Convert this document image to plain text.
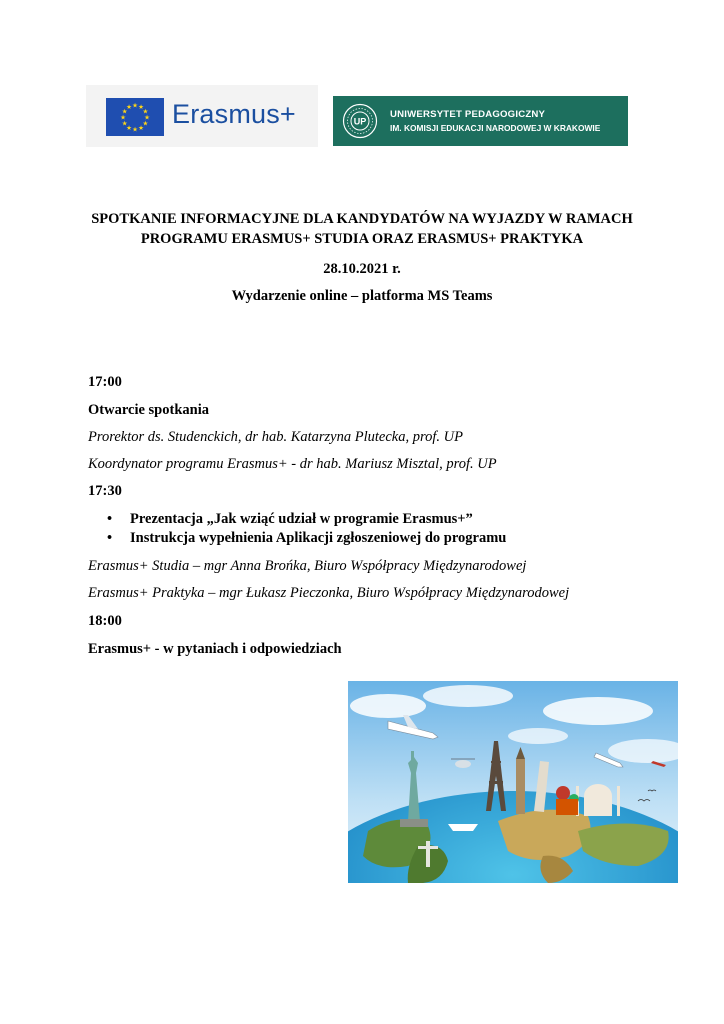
★ ★
★
★
★
★
★
★
★
★
★
★ Erasmus+	UP
UNIWERSYTET PEDAGOGICZNY
IM. KOMISJI EDUKACJI NARODOWEJ W KRAKOWIE
SPOTKANIE INFORMACYJNE DLA KANDYDATÓW NA WYJAZDY W RAMACH
PROGRAMU ERASMUS+ STUDIA ORAZ ERASMUS+ PRAKTYKA
28.10.2021 r.
Wydarzenie online – platforma MS Teams
17:00
Otwarcie spotkania
Prorektor ds. Studenckich, dr hab. Katarzyna Plutecka, prof. UP
Koordynator programu Erasmus+ - dr hab. Mariusz Misztal, prof. UP
17:30
• Prezentacja „Jak wziąć udział w programie Erasmus+”
• Instrukcja wypełnienia Aplikacji zgłoszeniowej do programu
Erasmus+ Studia – mgr Anna Brońka, Biuro Współpracy Międzynarodowej
Erasmus+ Praktyka – mgr Łukasz Pieczonka, Biuro Współpracy Międzynarodowej
18:00
Erasmus+ - w pytaniach i odpowiedziach
